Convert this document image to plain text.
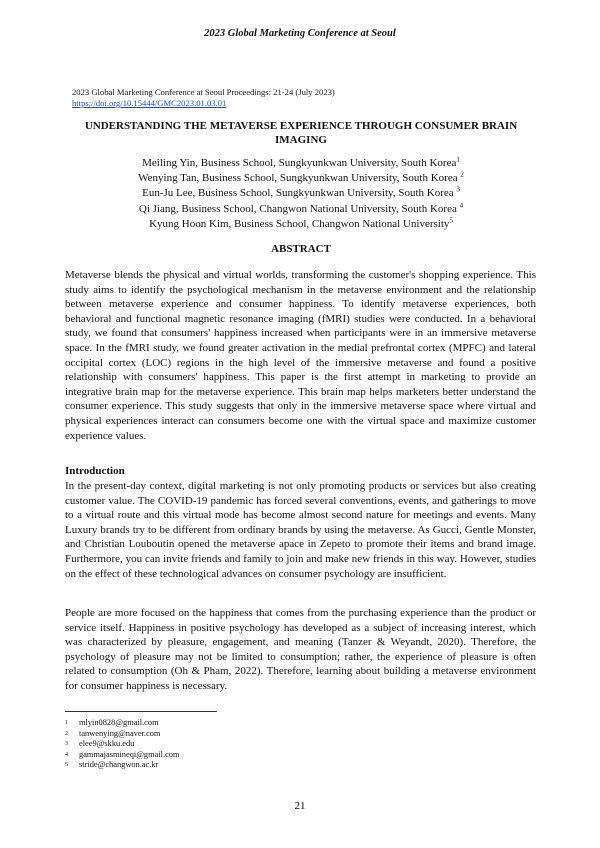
2023 Global Marketing Conference at Seoul
2023 Global Marketing Conference at Seoul Proceedings: 21-24 (July 2023)
https://doi.org/10.15444/GMC2023.01.03.01
UNDERSTANDING THE METAVERSE EXPERIENCE THROUGH CONSUMER BRAIN IMAGING
Meiling Yin, Business School, Sungkyunkwan University, South Korea$^1$
Wenying Tan, Business School, Sungkyunkwan University, South Korea $^2$
Eun-Ju Lee, Business School, Sungkyunkwan University, South Korea $^3$
Qi Jiang, Business School, Changwon National University, South Korea $^4$
Kyung Hoon Kim, Business School, Changwon National University$^5$
ABSTRACT
Metaverse blends the physical and virtual worlds, transforming the customer's shopping experience. This study aims to identify the psychological mechanism in the metaverse environment and the relationship between metaverse experience and consumer happiness. To identify metaverse experiences, both behavioral and functional magnetic resonance imaging (fMRI) studies were conducted. In a behavioral study, we found that consumers' happiness increased when participants were in an immersive metaverse space. In the fMRI study, we found greater activation in the medial prefrontal cortex (MPFC) and lateral occipital cortex (LOC) regions in the high level of the immersive metaverse and found a positive relationship with consumers' happiness. This paper is the first attempt in marketing to provide an integrative brain map for the metaverse experience. This brain map helps marketers better understand the consumer experience. This study suggests that only in the immersive metaverse space where virtual and physical experiences interact can consumers become one with the virtual space and maximize customer experience values.
Introduction
In the present-day context, digital marketing is not only promoting products or services but also creating customer value. The COVID-19 pandemic has forced several conventions, events, and gatherings to move to a virtual route and this virtual mode has become almost second nature for meetings and events. Many Luxury brands try to be different from ordinary brands by using the metaverse. As Gucci, Gentle Monster, and Christian Louboutin opened the metaverse apace in Zepeto to promote their items and brand image. Furthermore, you can invite friends and family to join and make new friends in this way. However, studies on the effect of these technological advances on consumer psychology are insufficient.
People are more focused on the happiness that comes from the purchasing experience than the product or service itself. Happiness in positive psychology has developed as a subject of increasing interest, which was characterized by pleasure, engagement, and meaning (Tanzer & Weyandt, 2020). Therefore, the psychology of pleasure may not be limited to consumption; rather, the experience of pleasure is often related to consumption (Oh & Pham, 2022). Therefore, learning about building a metaverse environment for consumer happiness is necessary.
1 mlyin0828@gmail.com
2 tanwenying@naver.com
3 elee9@skku.edu
4 gammajasmineqi@gmail.com
5 stride@changwon.ac.kr
21
